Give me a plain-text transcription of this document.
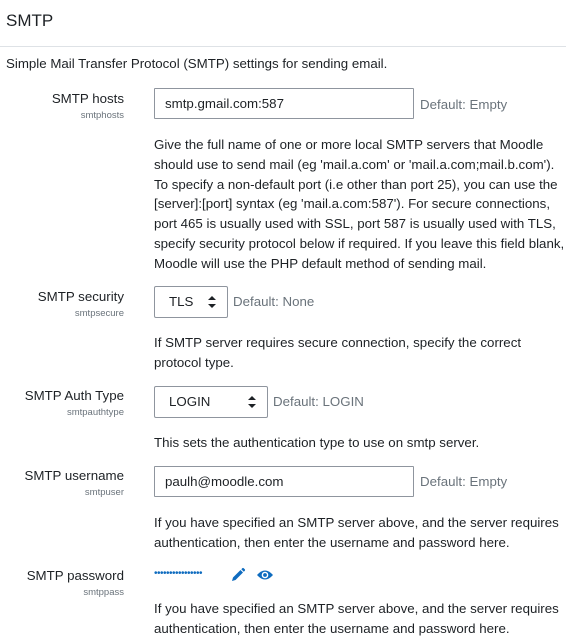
SMTP
Simple Mail Transfer Protocol (SMTP) settings for sending email.
SMTP hosts
smtphosts
smtp.gmail.com:587
Default: Empty
Give the full name of one or more local SMTP servers that Moodle should use to send mail (eg 'mail.a.com' or 'mail.a.com;mail.b.com'). To specify a non-default port (i.e other than port 25), you can use the [server]:[port] syntax (eg 'mail.a.com:587'). For secure connections, port 465 is usually used with SSL, port 587 is usually used with TLS, specify security protocol below if required. If you leave this field blank, Moodle will use the PHP default method of sending mail.
SMTP security
smtpsecure
TLS	Default: None
If SMTP server requires secure connection, specify the correct protocol type.
SMTP Auth Type
smtpauthtype
LOGIN	Default: LOGIN
This sets the authentication type to use on smtp server.
SMTP username
smtpuser
paulh@moodle.com
Default: Empty
If you have specified an SMTP server above, and the server requires authentication, then enter the username and password here.
SMTP password
smtppass
••••••••••••••••
If you have specified an SMTP server above, and the server requires authentication, then enter the username and password here.
